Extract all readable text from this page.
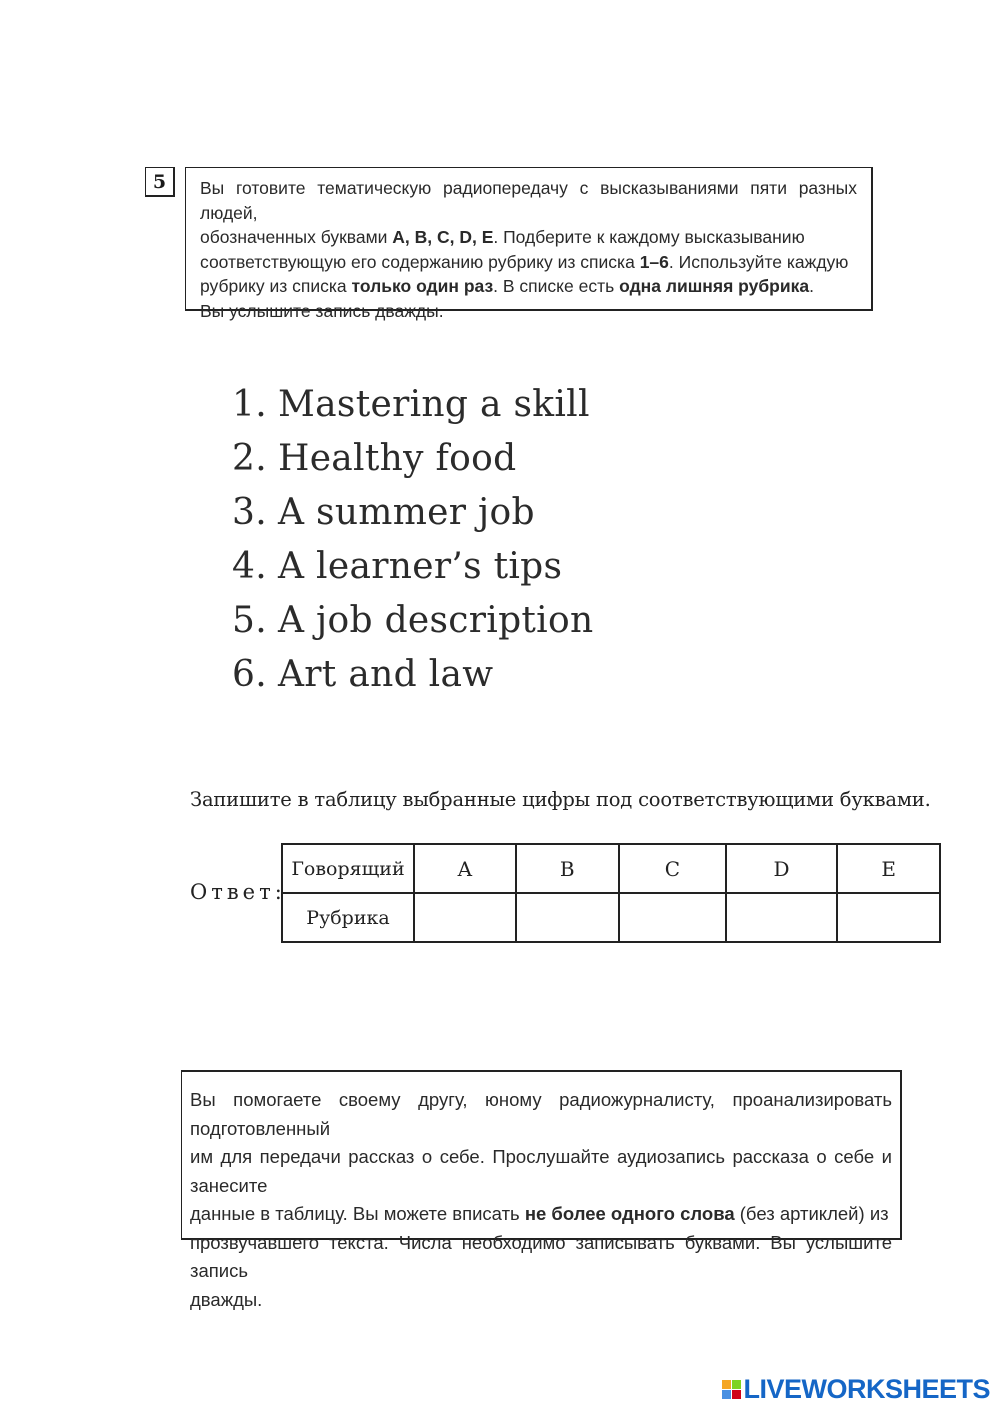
5	Вы готовите тематическую радиопередачу с высказываниями пяти разных людей,

обозначенных буквами A, B, C, D, E. Подберите к каждому высказыванию

соответствующую его содержанию рубрику из списка 1–6. Используйте каждую

рубрику из списка только один раз. В списке есть одна лишняя рубрика.

Вы услышите запись дважды.

1. Mastering a skill
2. Healthy food
3. A summer job
4. A learner’s tips
5. A job description
6. Art and law
Запишите в таблицу выбранные цифры под соответствующими буквами.
Ответ:
Говорящий	A	B	C	D	E
Рубрика					

Вы помогаете своему другу, юному радиожурналисту, проанализировать подготовленный

им для передачи рассказ о себе. Прослушайте аудиозапись рассказа о себе и занесите

данные в таблицу. Вы можете вписать не более одного слова (без артиклей) из

прозвучавшего текста. Числа необходимо записывать буквами. Вы услышите запись

дважды.

LIVEWORKSHEETS
